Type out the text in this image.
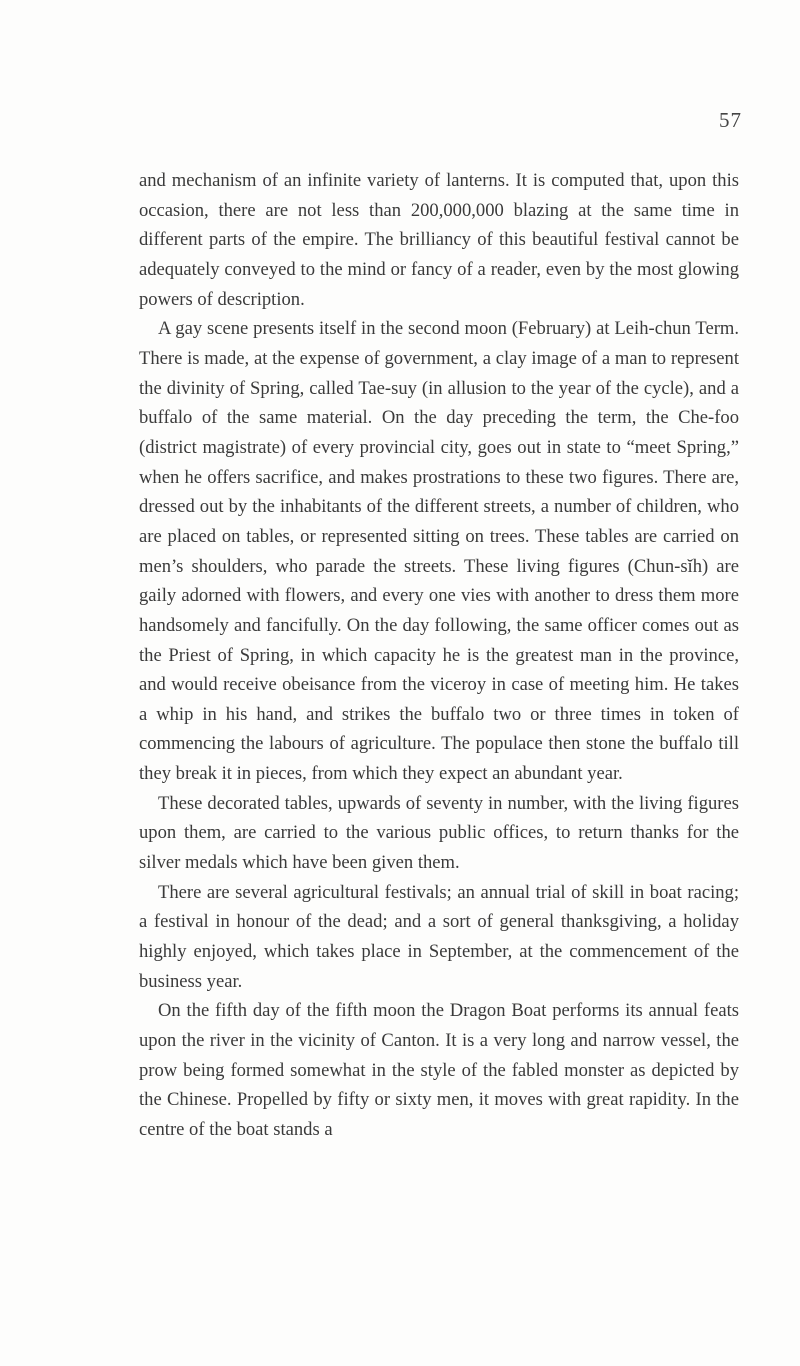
57

and mechanism of an infinite variety of lanterns. It is computed that, upon this occasion, there are not less than 200,000,000 blazing at the same time in different parts of the empire. The brilliancy of this beautiful festival cannot be adequately conveyed to the mind or fancy of a reader, even by the most glowing powers of description.

A gay scene presents itself in the second moon (February) at Leih-chun Term. There is made, at the expense of government, a clay image of a man to represent the divinity of Spring, called Tae-suy (in allusion to the year of the cycle), and a buffalo of the same material. On the day preceding the term, the Che-foo (district magistrate) of every provincial city, goes out in state to “meet Spring,” when he offers sacrifice, and makes prostrations to these two figures. There are, dressed out by the inhabitants of the different streets, a number of children, who are placed on tables, or represented sitting on trees. These tables are carried on men’s shoulders, who parade the streets. These living figures (Chun-sĭh) are gaily adorned with flowers, and every one vies with another to dress them more handsomely and fancifully. On the day following, the same officer comes out as the Priest of Spring, in which capacity he is the greatest man in the province, and would receive obeisance from the viceroy in case of meeting him. He takes a whip in his hand, and strikes the buffalo two or three times in token of commencing the labours of agriculture. The populace then stone the buffalo till they break it in pieces, from which they expect an abundant year.

These decorated tables, upwards of seventy in number, with the living figures upon them, are carried to the various public offices, to return thanks for the silver medals which have been given them.

There are several agricultural festivals; an annual trial of skill in boat racing; a festival in honour of the dead; and a sort of general thanksgiving, a holiday highly enjoyed, which takes place in September, at the commencement of the business year.

On the fifth day of the fifth moon the Dragon Boat performs its annual feats upon the river in the vicinity of Canton. It is a very long and narrow vessel, the prow being formed somewhat in the style of the fabled monster as depicted by the Chinese. Propelled by fifty or sixty men, it moves with great rapidity. In the centre of the boat stands a
